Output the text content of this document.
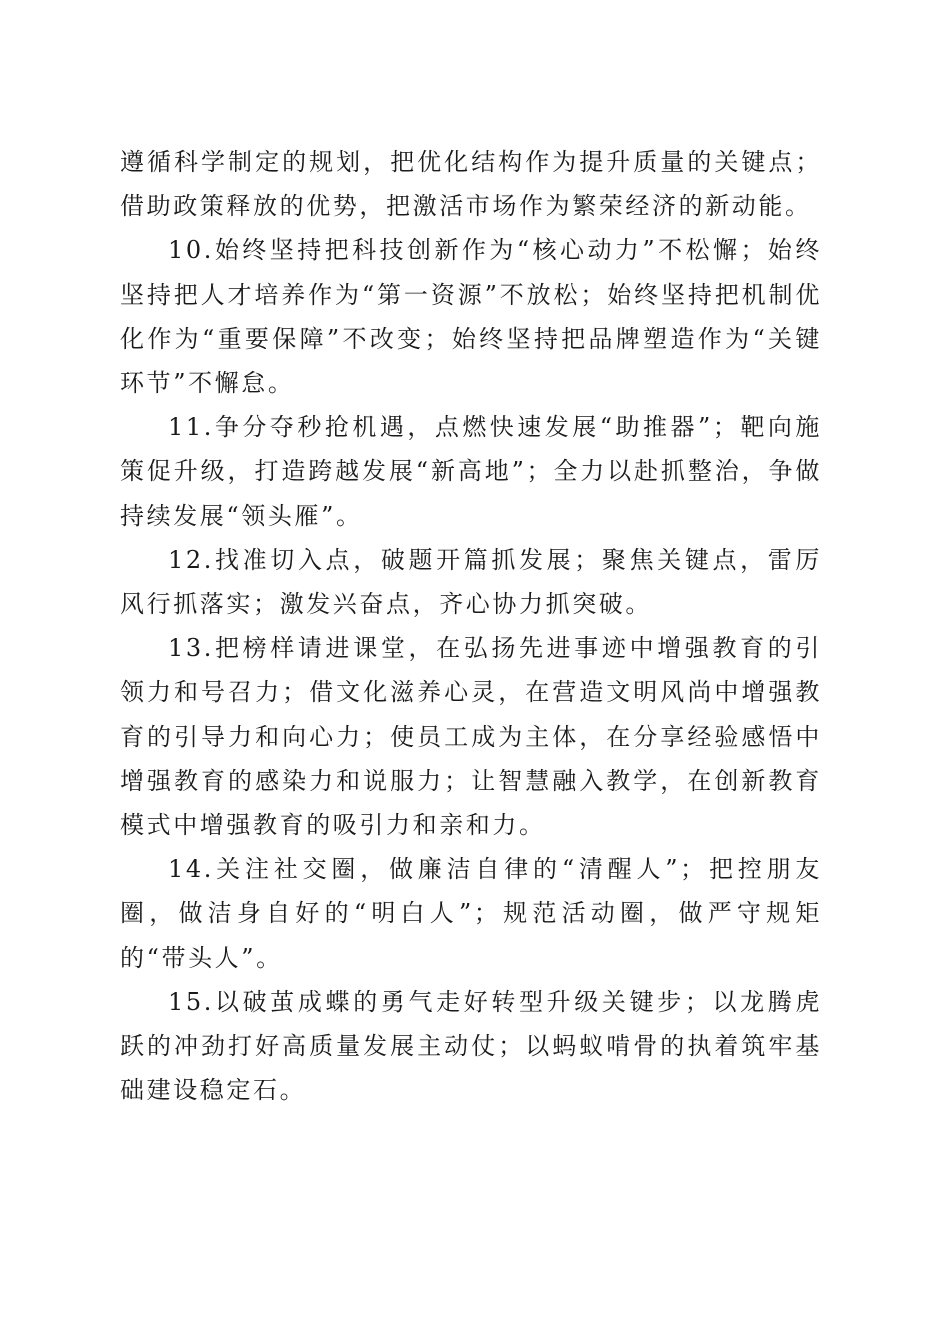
遵循科学制定的规划，把优化结构作为提升质量的关键点；借助政策释放的优势，把激活市场作为繁荣经济的新动能。

10.始终坚持把科技创新作为“核心动力”不松懈；始终坚持把人才培养作为“第一资源”不放松；始终坚持把机制优化作为“重要保障”不改变；始终坚持把品牌塑造作为“关键环节”不懈怠。

11.争分夺秒抢机遇，点燃快速发展“助推器”；靶向施策促升级，打造跨越发展“新高地”；全力以赴抓整治，争做持续发展“领头雁”。

12.找准切入点，破题开篇抓发展；聚焦关键点，雷厉风行抓落实；激发兴奋点，齐心协力抓突破。

13.把榜样请进课堂，在弘扬先进事迹中增强教育的引领力和号召力；借文化滋养心灵，在营造文明风尚中增强教育的引导力和向心力；使员工成为主体，在分享经验感悟中增强教育的感染力和说服力；让智慧融入教学，在创新教育模式中增强教育的吸引力和亲和力。

14.关注社交圈，做廉洁自律的“清醒人”；把控朋友圈，做洁身自好的“明白人”；规范活动圈，做严守规矩的“带头人”。

15.以破茧成蝶的勇气走好转型升级关键步；以龙腾虎跃的冲劲打好高质量发展主动仗；以蚂蚁啃骨的执着筑牢基础建设稳定石。
